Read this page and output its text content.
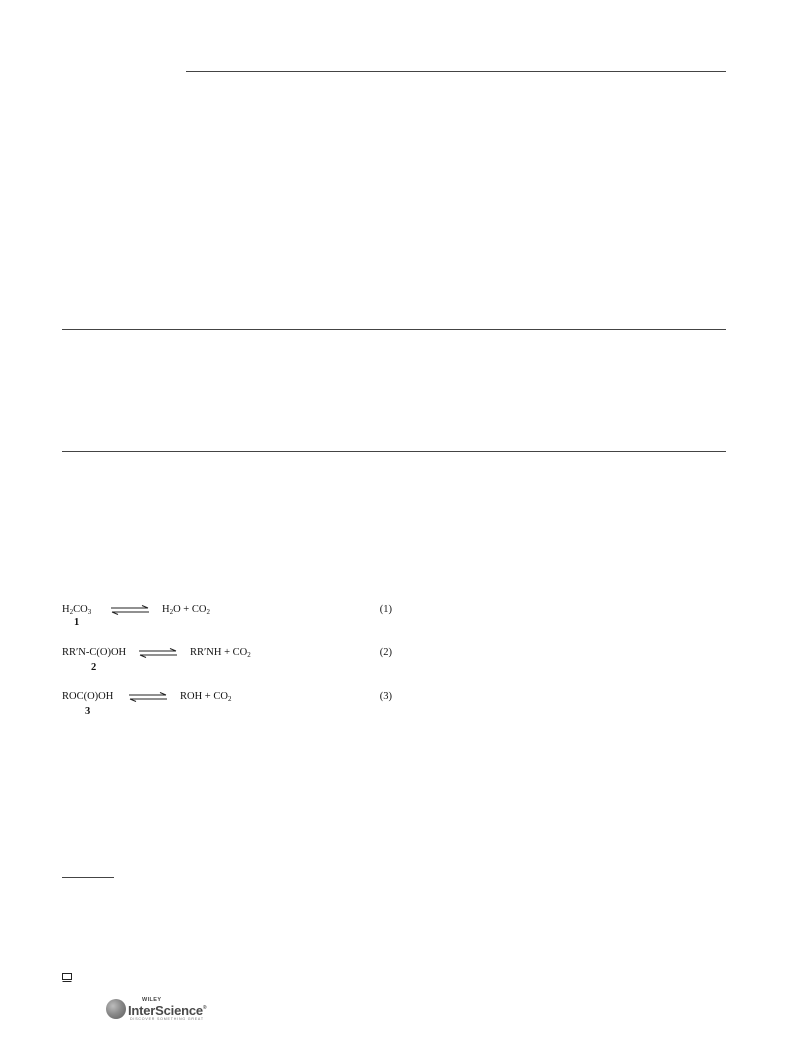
$H_2CO_3$ ⇌ $H_2O + CO_2$	(1)
1
RR′N-C(O)OH ⇌ $RR'NH + CO_2$	(2)
2
ROC(O)OH ⇌ ROH + $CO_2$	(3)
3
WILEY
InterScience®
DISCOVER SOMETHING GREAT
